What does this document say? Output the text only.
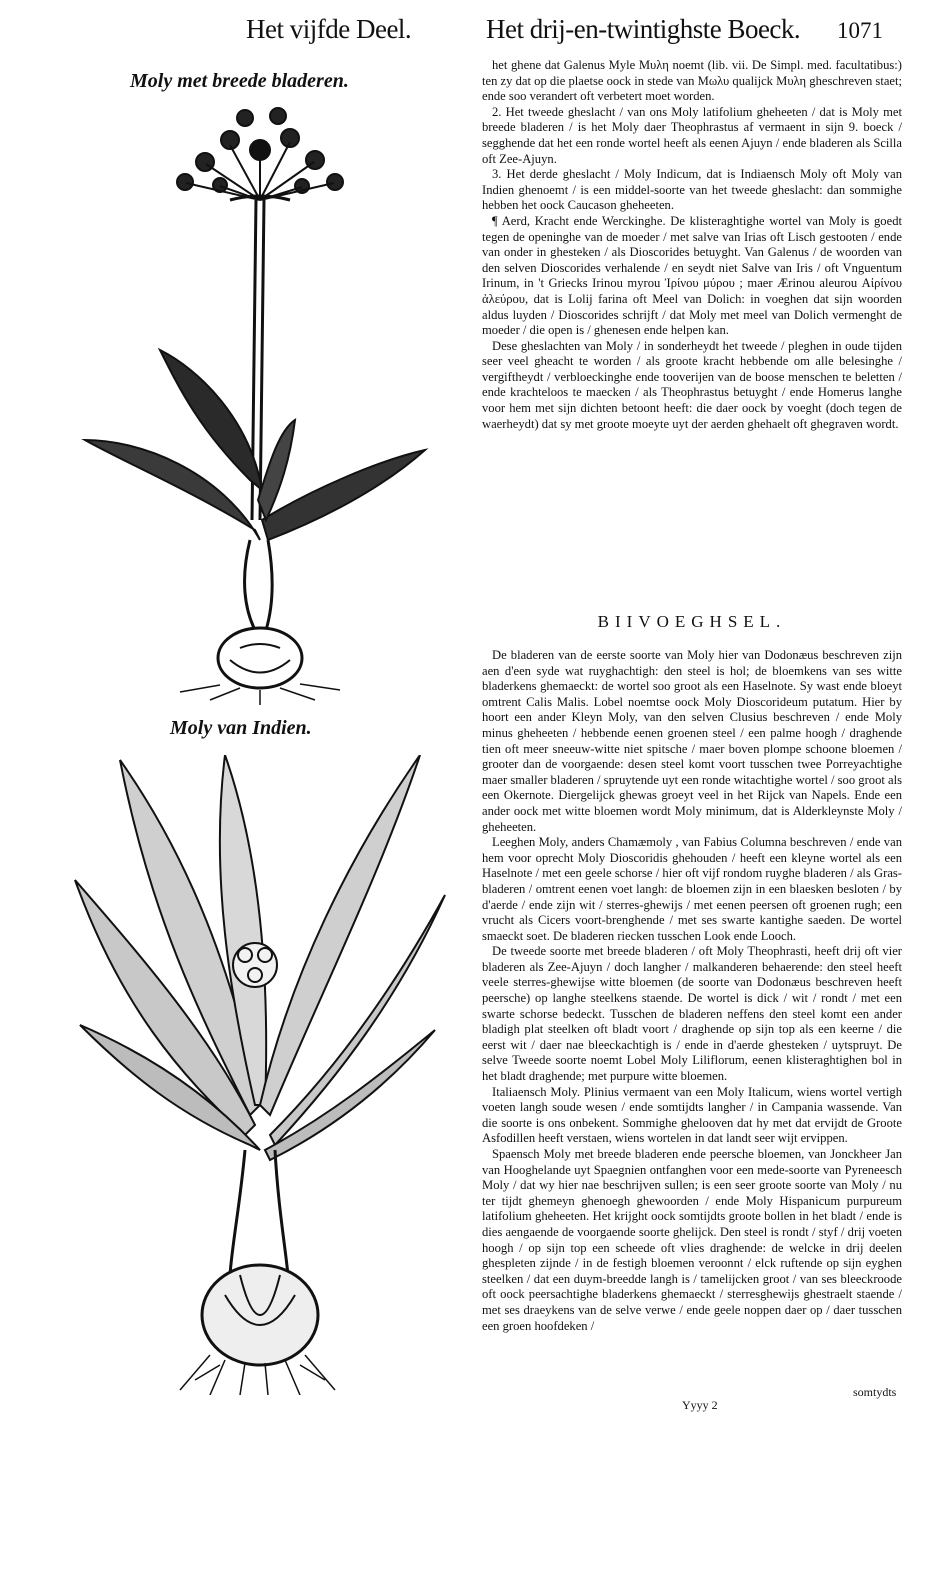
Het vijfde Deel.	Het drij-en-twintighste Boeck. 1071
Moly met breede bladeren.
Moly van Indien.

het ghene dat Galenus Myle Μυλη noemt (lib. vii. De Simpl. med. facultatibus:) ten zy dat op die plaetse oock in stede van Μωλυ qualijck Μυλη gheschreven staet; ende soo verandert oft verbetert moet worden.

2. Het tweede gheslacht / van ons Moly latifolium gheheeten / dat is Moly met breede bladeren / is het Moly daer Theophrastus af vermaent in sijn 9. boeck / segghende dat het een ronde wortel heeft als eenen Ajuyn / ende bladeren als Scilla oft Zee-Ajuyn.

3. Het derde gheslacht / Moly Indicum, dat is Indiaensch Moly oft Moly van Indien ghenoemt / is een middel-soorte van het tweede gheslacht: dan sommighe hebben het oock Caucason gheheeten.

¶ Aerd, Kracht ende Werckinghe. De klisteraghtighe wortel van Moly is goedt tegen de openinghe van de moeder / met salve van Irias oft Lisch gestooten / ende van onder in ghesteken / als Dioscorides betuyght. Van Galenus / de woorden van den selven Dioscorides verhalende / en seydt niet Salve van Iris / oft Vnguentum Irinum, in 't Griecks Irinou myrou Ἰρίνου μύρου ; maer Ærinou aleurou Αἰρίνου ἀλεύρου, dat is Lolij farina oft Meel van Dolich: in voeghen dat sijn woorden aldus luyden / Dioscorides schrijft / dat Moly met meel van Dolich vermenght de moeder / die open is / ghenesen ende helpen kan.

Dese gheslachten van Moly / in sonderheydt het tweede / pleghen in oude tijden seer veel gheacht te worden / als groote kracht hebbende om alle belesinghe / vergiftheydt / verbloeckinghe ende tooverijen van de boose menschen te beletten / ende krachteloos te maecken / als Theophrastus betuyght / ende Homerus langhe voor hem met sijn dichten betoont heeft: die daer oock by voeght (doch tegen de waerheydt) dat sy met groote moeyte uyt der aerden ghehaelt oft ghegraven wordt.

BIIVOEGHSEL.

De bladeren van de eerste soorte van Moly hier van Dodonæus beschreven zijn aen d'een syde wat ruyghachtigh: den steel is hol; de bloemkens van ses witte bladerkens ghemaeckt: de wortel soo groot als een Haselnote. Sy wast ende bloeyt omtrent Calis Malis. Lobel noemtse oock Moly Dioscorideum putatum. Hier by hoort een ander Kleyn Moly, van den selven Clusius beschreven / ende Moly minus gheheeten / hebbende eenen groenen steel / een palme hoogh / draghende tien oft meer sneeuw-witte niet spitsche / maer boven plompe schoone bloemen / grooter dan de voorgaende: desen steel komt voort tusschen twee Porreyachtighe maer smaller bladeren / spruytende uyt een ronde witachtighe wortel / soo groot als een Okernote. Diergelijck ghewas groeyt veel in het Rijck van Napels. Ende een ander oock met witte bloemen wordt Moly minimum, dat is Alderkleynste Moly / gheheeten.

Leeghen Moly, anders Chamæmoly , van Fabius Columna beschreven / ende van hem voor oprecht Moly Dioscoridis ghehouden / heeft een kleyne wortel als een Haselnote / met een geele schorse / hier oft vijf rondom ruyghe bladeren / als Gras-bladeren / omtrent eenen voet langh: de bloemen zijn in een blaesken besloten / by d'aerde / ende zijn wit / sterres-ghewijs / met eenen peersen oft groenen rugh; een vrucht als Cicers voort-brenghende / met ses swarte kantighe saeden. De wortel smaeckt soet. De bladeren riecken tusschen Look ende Looch.

De tweede soorte met breede bladeren / oft Moly Theophrasti, heeft drij oft vier bladeren als Zee-Ajuyn / doch langher / malkanderen behaerende: den steel heeft veele sterres-ghewijse witte bloemen (de soorte van Dodonæus beschreven heeft peersche) op langhe steelkens staende. De wortel is dick / wit / rondt / met een swarte schorse bedeckt. Tusschen de bladeren neffens den steel komt een ander bladigh plat steelken oft bladt voort / draghende op sijn top als een keerne / die eerst wit / daer nae bleeckachtigh is / ende in d'aerde ghesteken / uytspruyt. De selve Tweede soorte noemt Lobel Moly Liliflorum, eenen klisteraghtighen bol in het bladt draghende; met purpure witte bloemen.

Italiaensch Moly. Plinius vermaent van een Moly Italicum, wiens wortel vertigh voeten langh soude wesen / ende somtijdts langher / in Campania wassende. Van die soorte is ons onbekent. Sommighe ghelooven dat hy met dat ervijdt de Groote Asfodillen heeft verstaen, wiens wortelen in dat landt seer wijt ervippen.

Spaensch Moly met breede bladeren ende peersche bloemen, van Jonckheer Jan van Hooghelande uyt Spaegnien ontfanghen voor een mede-soorte van Pyreneesch Moly / dat wy hier nae beschrijven sullen; is een seer groote soorte van Moly / nu ter tijdt ghemeyn ghenoegh ghewoorden / ende Moly Hispanicum purpureum latifolium gheheeten. Het krijght oock somtijdts groote bollen in het bladt / ende is dies aengaende de voorgaende soorte ghelijck. Den steel is rondt / styf / drij voeten hoogh / op sijn top een scheede oft vlies draghende: de welcke in drij deelen ghespleten zijnde / in de festigh bloemen veroonnt / elck ruftende op sijn eyghen steelken / dat een duym-breedde langh is / tamelijcken groot / van ses bleeckroode oft oock peersachtighe bladerkens ghemaeckt / sterresghewijs ghestraelt staende / met ses draeykens van de selve verwe / ende geele noppen daer op / daer tusschen een groen hoofdeken /

Yyyy 2
somtydts
